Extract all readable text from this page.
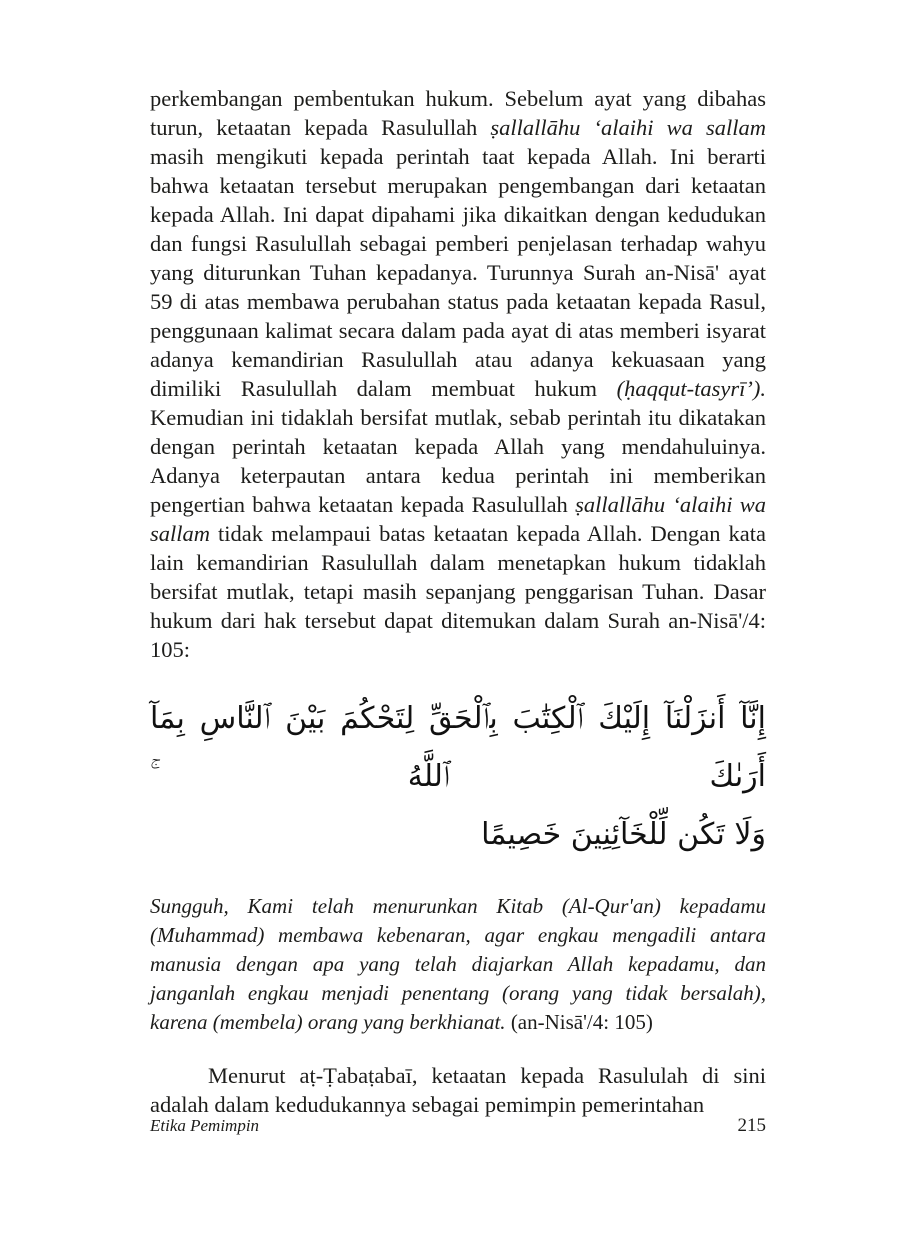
perkembangan pembentukan hukum. Sebelum ayat yang dibahas turun, ketaatan kepada Rasulullah ṣallallāhu ‘alaihi wa sallam masih mengikuti kepada perintah taat kepada Allah. Ini berarti bahwa ketaatan tersebut merupakan pengembangan dari ketaatan kepada Allah. Ini dapat dipahami jika dikaitkan dengan kedudukan dan fungsi Rasulullah sebagai pemberi penjelasan terhadap wahyu yang diturunkan Tuhan kepadanya. Turunnya Surah an-Nisā' ayat 59 di atas membawa perubahan status pada ketaatan kepada Rasul, penggunaan kalimat secara dalam pada ayat di atas memberi isyarat adanya kemandirian Rasulullah atau adanya kekuasaan yang dimiliki Rasulullah dalam membuat hukum (ḥaqqut-tasyrī’). Kemudian ini tidaklah bersifat mutlak, sebab perintah itu dikatakan dengan perintah ketaatan kepada Allah yang mendahuluinya. Adanya keterpautan antara kedua perintah ini memberikan pengertian bahwa ketaatan kepada Rasulullah ṣallallāhu ‘alaihi wa sallam tidak melampaui batas ketaatan kepada Allah. Dengan kata lain kemandirian Rasulullah dalam menetapkan hukum tidaklah bersifat mutlak, tetapi masih sepanjang penggarisan Tuhan. Dasar hukum dari hak tersebut dapat ditemukan dalam Surah an-Nisā'/4: 105:

إِنَّآ أَنزَلْنَآ إِلَيْكَ ٱلْكِتَٰبَ بِٱلْحَقِّ لِتَحْكُمَ بَيْنَ ٱلنَّاسِ بِمَآ أَرَىٰكَ ٱللَّهُ ۚ
وَلَا تَكُن لِّلْخَآئِنِينَ خَصِيمًا

Sungguh, Kami telah menurunkan Kitab (Al-Qur'an) kepadamu (Muhammad) membawa kebenaran, agar engkau mengadili antara manusia dengan apa yang telah diajarkan Allah kepadamu, dan janganlah engkau menjadi penentang (orang yang tidak bersalah), karena (membela) orang yang berkhianat. (an-Nisā'/4: 105)

Menurut aṭ-Ṭabaṭabaī, ketaatan kepada Rasululah di sini adalah dalam kedudukannya sebagai pemimpin pemerintahan

Etika Pemimpin	215
